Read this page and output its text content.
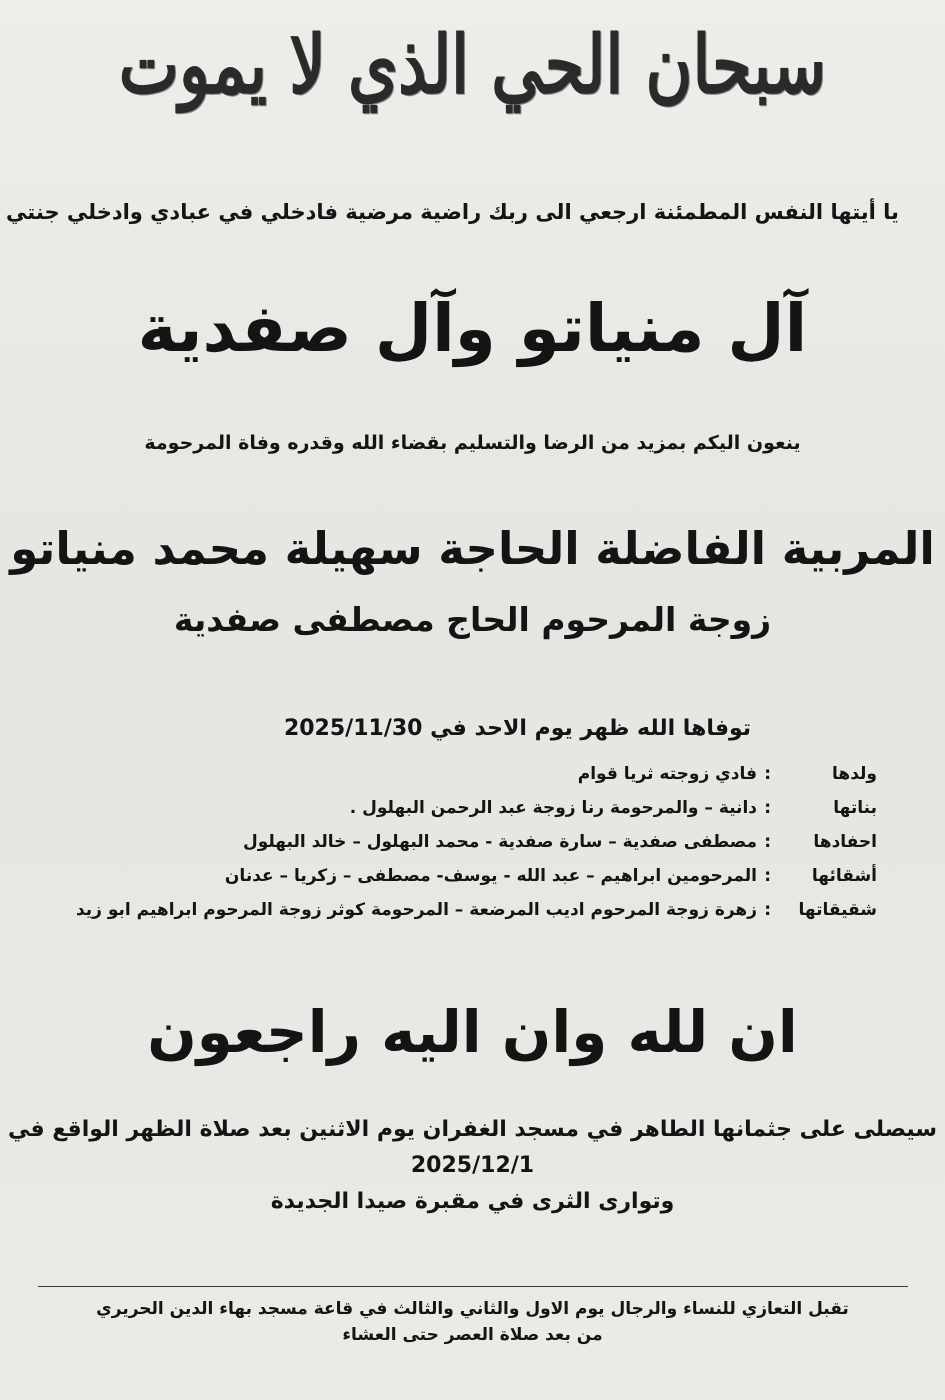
سبحان الحي الذي لا يموت
يا أيتها النفس المطمئنة ارجعي الى ربك راضية مرضية فادخلي في عبادي وادخلي جنتي
آل منياتو وآل صفدية
ينعون اليكم بمزيد من الرضا والتسليم بقضاء الله وقدره وفاة المرحومة
المربية الفاضلة الحاجة سهيلة محمد منياتو
زوجة المرحوم الحاج مصطفى صفدية
توفاها الله ظهر يوم الاحد في 2025/11/30
ولدها
:
فادي زوجته ثريا قوام
بناتها
:
دانية – والمرحومة رنا زوجة عبد الرحمن البهلول .
احفادها
:
مصطفى صفدية – سارة صفدية - محمد البهلول – خالد البهلول
أشقائها
:
المرحومين ابراهيم – عبد الله - يوسف- مصطفى – زكريا – عدنان
شقيقاتها
:
زهرة زوجة المرحوم اديب المرضعة – المرحومة كوثر زوجة المرحوم ابراهيم ابو زيد
ان لله وان اليه راجعون
سيصلى على جثمانها الطاهر في مسجد الغفران يوم الاثنين بعد صلاة الظهر الواقع في
2025/12/1
وتوارى الثرى في مقبرة صيدا الجديدة
تقبل التعازي للنساء والرجال يوم الاول والثاني والثالث في قاعة مسجد بهاء الدين الحريري
من بعد صلاة العصر حتى العشاء
